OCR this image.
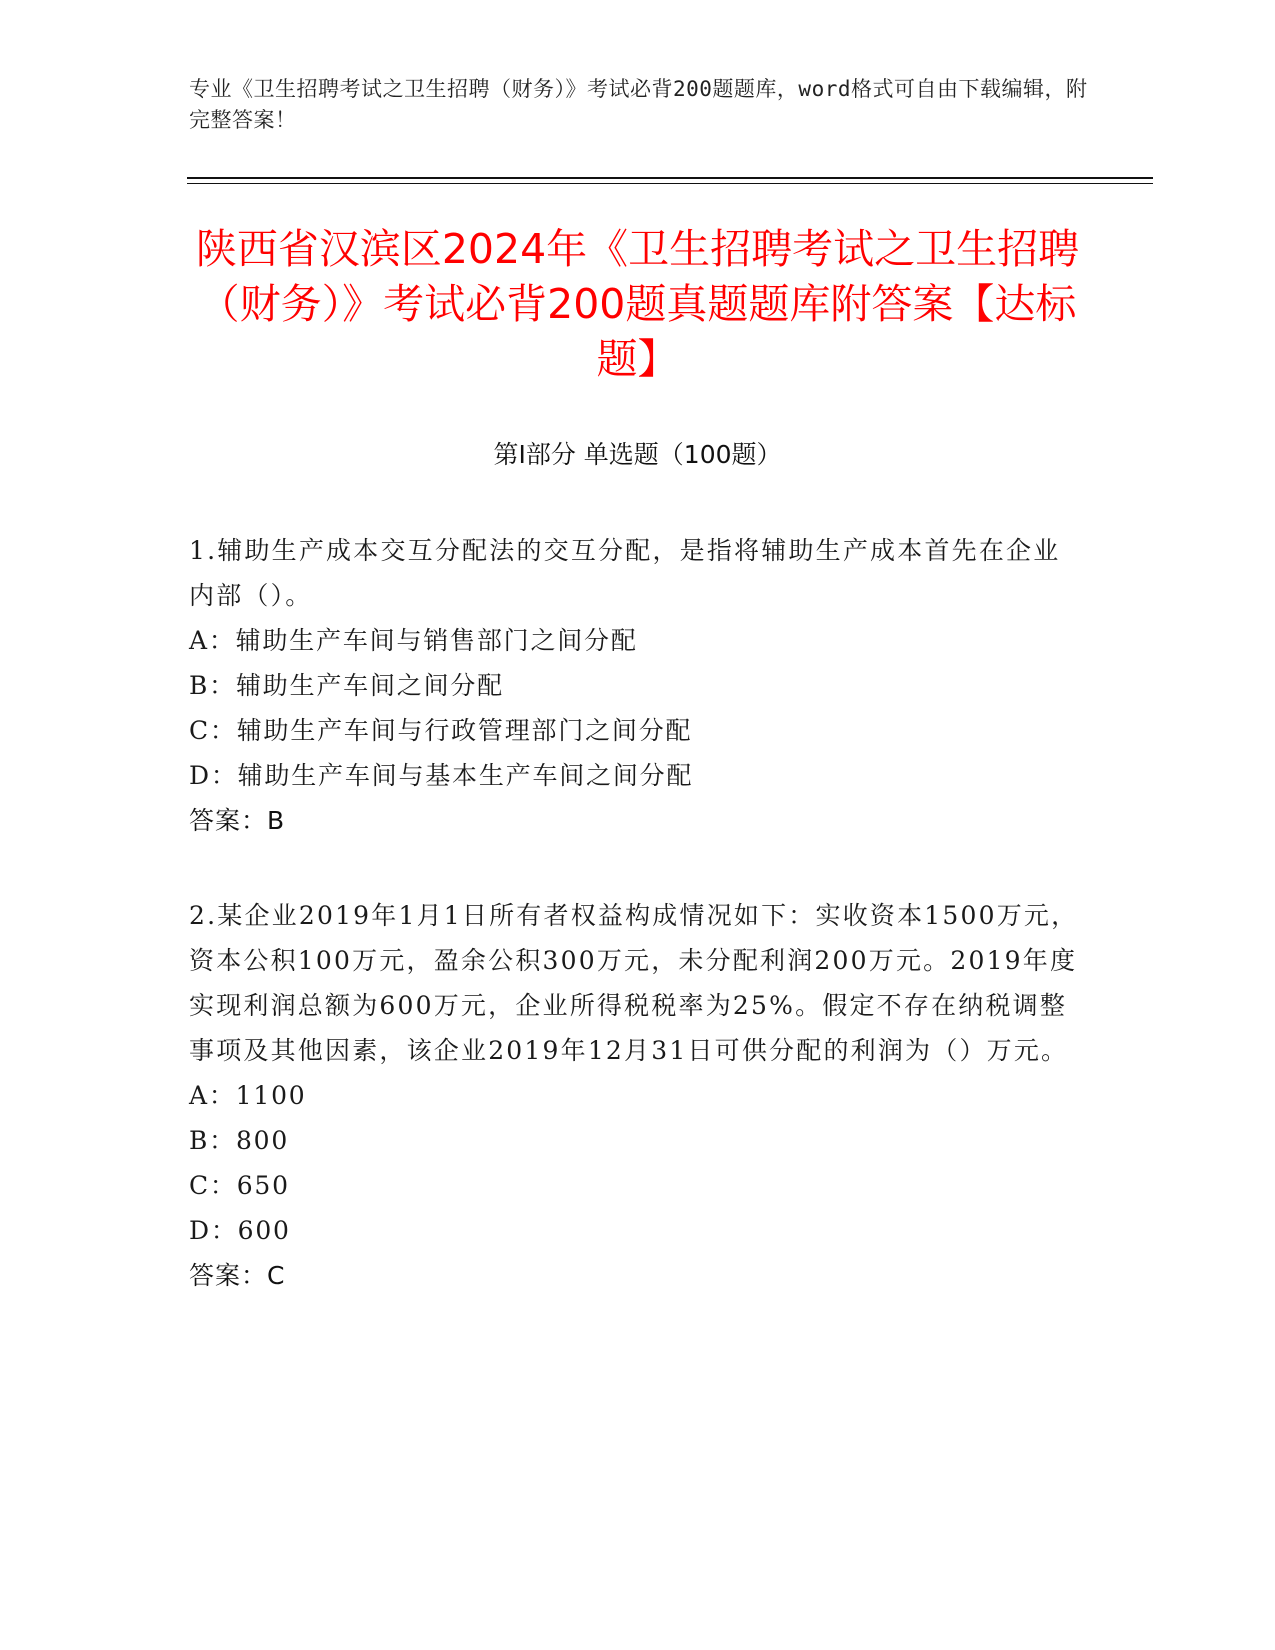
专业《卫生招聘考试之卫生招聘（财务）》考试必背200题题库，word格式可自由下载编辑，附完整答案！
陕西省汉滨区2024年《卫生招聘考试之卫生招聘（财务）》考试必背200题真题题库附答案【达标题】
第Ⅰ部分 单选题（100题）

1.辅助生产成本交互分配法的交互分配，是指将辅助生产成本首先在企业内部（）。

A：辅助生产车间与销售部门之间分配
B：辅助生产车间之间分配
C：辅助生产车间与行政管理部门之间分配
D：辅助生产车间与基本生产车间之间分配
答案：B

2.某企业2019年1月1日所有者权益构成情况如下：实收资本1500万元，资本公积100万元，盈余公积300万元，未分配利润200万元。2019年度实现利润总额为600万元，企业所得税税率为25%。假定不存在纳税调整事项及其他因素，该企业2019年12月31日可供分配的利润为（）万元。

A：1100
B：800
C：650
D：600
答案：C
